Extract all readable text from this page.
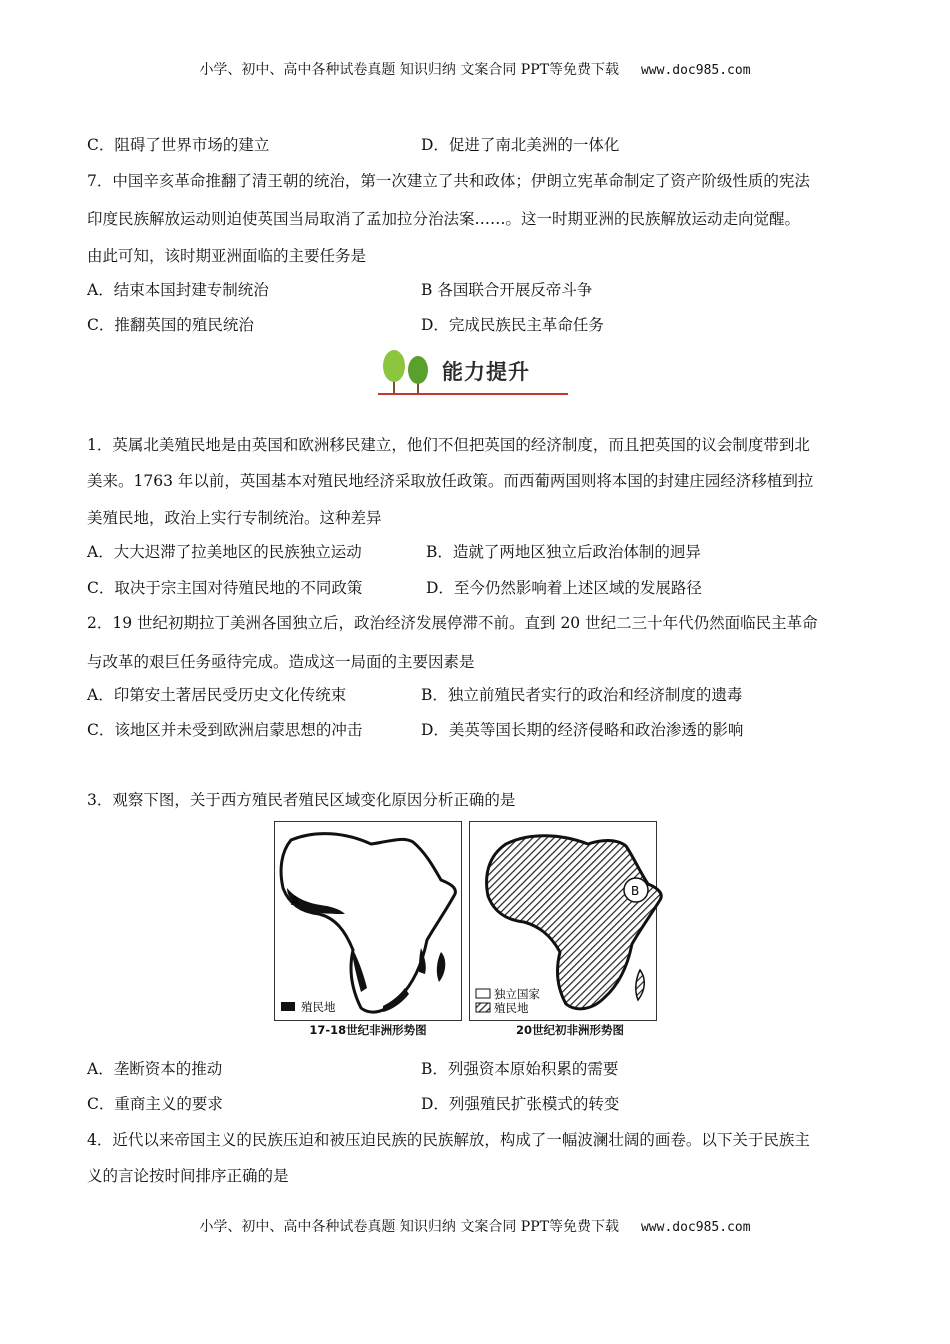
小学、初中、高中各种试卷真题 知识归纳 文案合同 PPT等免费下载 www.doc985.com
C．阻碍了世界市场的建立	D．促进了南北美洲的一体化
7．中国辛亥革命推翻了清王朝的统治，第一次建立了共和政体；伊朗立宪革命制定了资产阶级性质的宪法
印度民族解放运动则迫使英国当局取消了孟加拉分治法案……。这一时期亚洲的民族解放运动走向觉醒。
由此可知，该时期亚洲面临的主要任务是
A．结束本国封建专制统治	B 各国联合开展反帝斗争
C．推翻英国的殖民统治	D．完成民族民主革命任务
能力提升
1．英属北美殖民地是由英国和欧洲移民建立，他们不但把英国的经济制度，而且把英国的议会制度带到北
美来。1763 年以前，英国基本对殖民地经济采取放任政策。而西葡两国则将本国的封建庄园经济移植到拉
美殖民地，政治上实行专制统治。这种差异
A．大大迟滞了拉美地区的民族独立运动	B．造就了两地区独立后政治体制的迥异
C．取决于宗主国对待殖民地的不同政策	D．至今仍然影响着上述区域的发展路径
2．19 世纪初期拉丁美洲各国独立后，政治经济发展停滞不前。直到 20 世纪二三十年代仍然面临民主革命
与改革的艰巨任务亟待完成。造成这一局面的主要因素是
A．印第安土著居民受历史文化传统束	B．独立前殖民者实行的政治和经济制度的遗毒
C．该地区并未受到欧洲启蒙思想的冲击	D．美英等国长期的经济侵略和政治渗透的影响
3．观察下图，关于西方殖民者殖民区域变化原因分析正确的是
A
殖民地
17-18世纪非洲形势图
B
独立国家
殖民地
20世纪初非洲形势图
A．垄断资本的推动	B．列强资本原始积累的需要
C．重商主义的要求	D．列强殖民扩张模式的转变
4．近代以来帝国主义的民族压迫和被压迫民族的民族解放，构成了一幅波澜壮阔的画卷。以下关于民族主
义的言论按时间排序正确的是
小学、初中、高中各种试卷真题 知识归纳 文案合同 PPT等免费下载 www.doc985.com
